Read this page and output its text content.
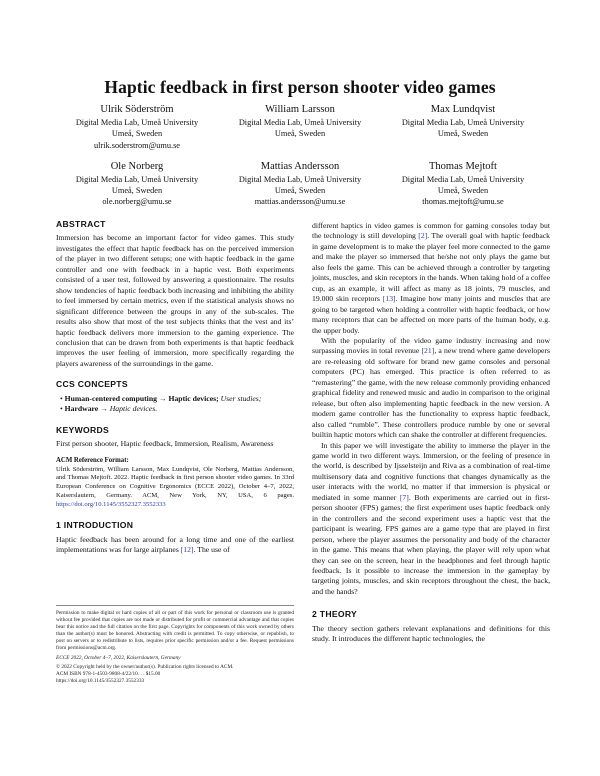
Haptic feedback in first person shooter video games
Ulrik Söderström
Digital Media Lab, Umeå University
Umeå, Sweden
ulrik.soderstrom@umu.se
William Larsson
Digital Media Lab, Umeå University
Umeå, Sweden
Max Lundqvist
Digital Media Lab, Umeå University
Umeå, Sweden
Ole Norberg
Digital Media Lab, Umeå University
Umeå, Sweden
ole.norberg@umu.se
Mattias Andersson
Digital Media Lab, Umeå University
Umeå, Sweden
mattias.andersson@umu.se
Thomas Mejtoft
Digital Media Lab, Umeå University
Umeå, Sweden
thomas.mejtoft@umu.se
ABSTRACT

Immersion has become an important factor for video games. This study investigates the effect that haptic feedback has on the perceived immersion of the player in two different setups; one with haptic feedback in the game controller and one with feedback in a haptic vest. Both experiments consisted of a user test, followed by answering a questionnaire. The results show tendencies of haptic feedback both increasing and inhibiting the ability to feel immersed by certain metrics, even if the statistical analysis shows no significant difference between the groups in any of the sub-scales. The results also show that most of the test subjects thinks that the vest and its’ haptic feedback delivers more immersion to the gaming experience. The conclusion that can be drawn from both experiments is that haptic feedback improves the user feeling of immersion, more specifically regarding the players awareness of the surroundings in the game.

CCS CONCEPTS

• Human-centered computing → Haptic devices; User studies;

• Hardware → Haptic devices.

KEYWORDS

First person shooter, Haptic feedback, Immersion, Realism, Awareness

ACM Reference Format:
Ulrik Söderström, William Larsson, Max Lundqvist, Ole Norberg, Mattias Andersson, and Thomas Mejtoft. 2022. Haptic feedback in first person shooter video games. In 33rd European Conference on Cognitive Ergonomics (ECCE 2022), October 4–7, 2022, Kaiserslautern, Germany. ACM, New York, NY, USA, 6 pages. https://doi.org/10.1145/3552327.3552333
1 INTRODUCTION

Haptic feedback has been around for a long time and one of the earliest implementations was for large airplanes [12]. The use of

Permission to make digital or hard copies of all or part of this work for personal or classroom use is granted without fee provided that copies are not made or distributed for profit or commercial advantage and that copies bear this notice and the full citation on the first page. Copyrights for components of this work owned by others than the author(s) must be honored. Abstracting with credit is permitted. To copy otherwise, or republish, to post on servers or to redistribute to lists, requires prior specific permission and/or a fee. Request permissions from permissions@acm.org.
ECCE 2022, October 4–7, 2022, Kaiserslautern, Germany
© 2022 Copyright held by the owner/author(s). Publication rights licensed to ACM.
ACM ISBN 978-1-4503-9808-4/22/10. . . $15.00
https://doi.org/10.1145/3552327.3552333

different haptics in video games is common for gaming consoles today but the technology is still developing [2]. The overall goal with haptic feedback in game development is to make the player feel more connected to the game and make the player so immersed that he/she not only plays the game but also feels the game. This can be achieved through a controller by targeting joints, muscles, and skin receptors in the hands. When taking hold of a coffee cup, as an example, it will affect as many as 18 joints, 79 muscles, and 19.000 skin receptors [13]. Imagine how many joints and muscles that are going to be targeted when holding a controller with haptic feedback, or how many receptors that can be affected on more parts of the human body, e.g. the upper body.

With the popularity of the video game industry increasing and now surpassing movies in total revenue [21], a new trend where game developers are re-releasing old software for brand new game consoles and personal computers (PC) has emerged. This practice is often referred to as “remastering” the game, with the new release commonly providing enhanced graphical fidelity and renewed music and audio in comparison to the original release, but often also implementing haptic feedback in the new version. A modern game controller has the functionality to express haptic feedback, also called “rumble”. These controllers produce rumble by one or several builtin haptic motors which can shake the controller at different frequencies.

In this paper we will investigate the ability to immerse the player in the game world in two different ways. Immersion, or the feeling of presence in the world, is described by Ijsselsteijn and Riva as a combination of real-time multisensory data and cognitive functions that changes dynamically as the user interacts with the world, no matter if that immersion is physical or mediated in some manner [7]. Both experiments are carried out in first-person shooter (FPS) games; the first experiment uses haptic feedback only in the controllers and the second experiment uses a haptic vest that the participant is wearing. FPS games are a game type that are played in first person, where the player assumes the personality and body of the character in the game. This means that when playing, the player will rely upon what they can see on the screen, hear in the headphones and feel through haptic feedback. Is it possible to increase the immersion in the gameplay by targeting joints, muscles, and skin receptors throughout the chest, the back, and the hands?

2 THEORY

The theory section gathers relevant explanations and definitions for this study. It introduces the different haptic technologies, the
